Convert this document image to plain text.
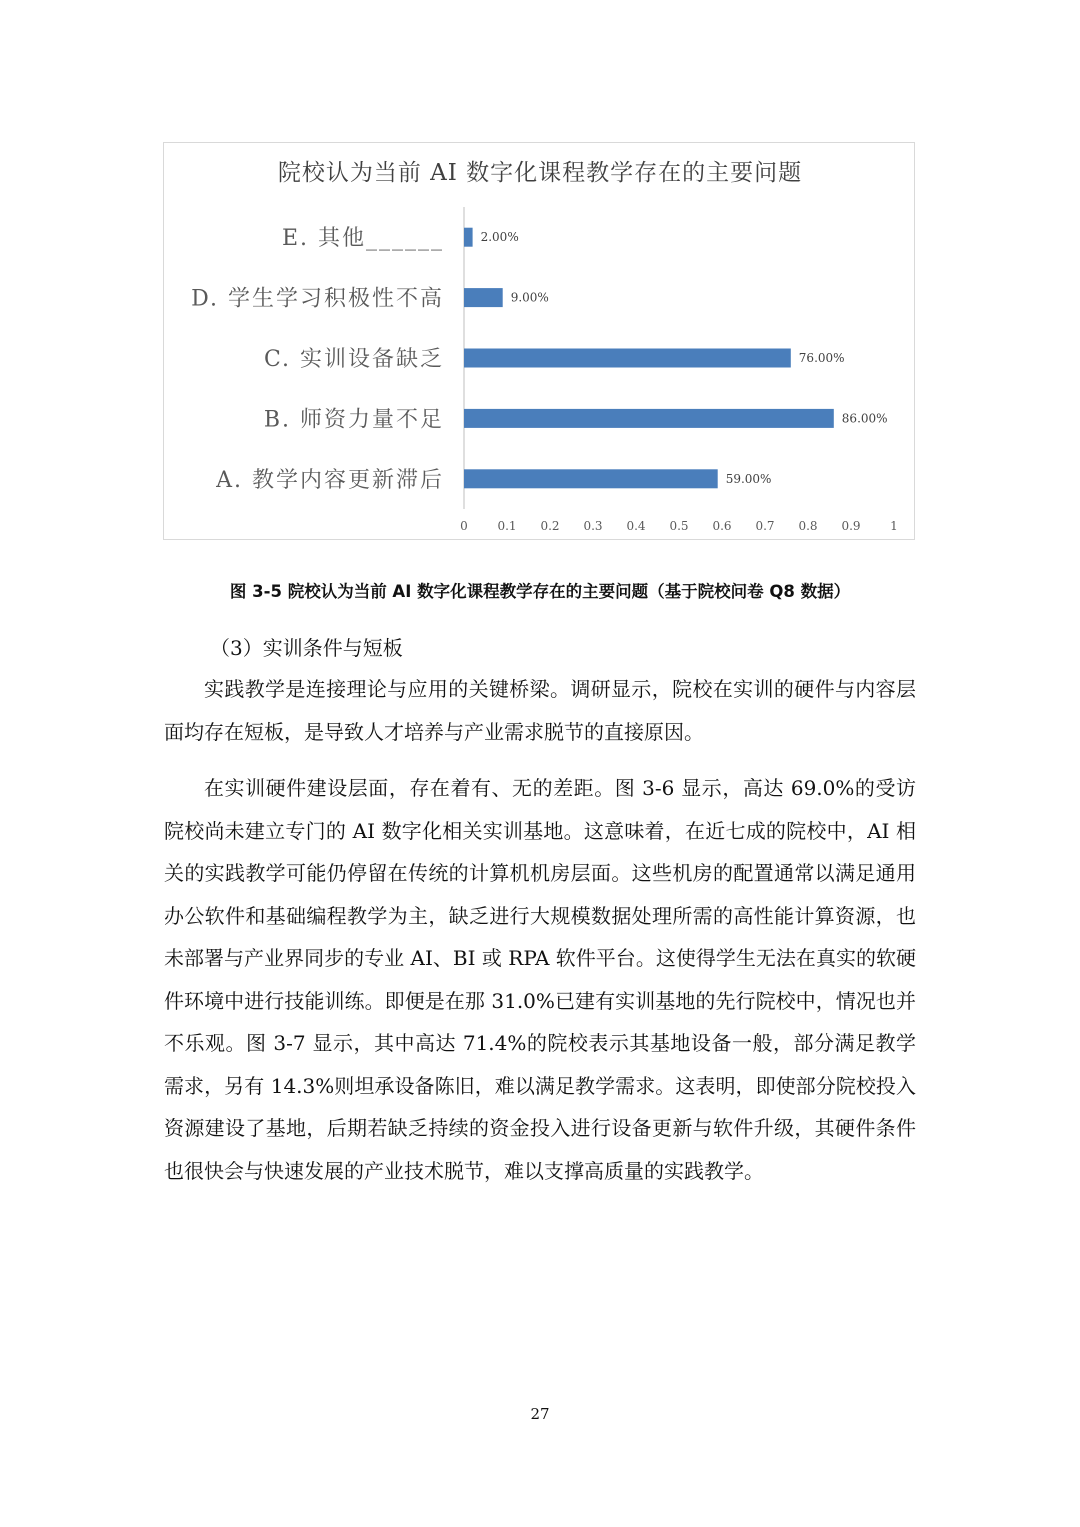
院校认为当前 AI 数字化课程教学存在的主要问题
E. 其他______	2.00%
D. 学生学习积极性不高	9.00%
C. 实训设备缺乏	76.00%
B. 师资力量不足	86.00%
A. 教学内容更新滞后	59.00%
0 0.1 0.2 0.3 0.4 0.5 0.6 0.7 0.8 0.9 1
图 3-5 院校认为当前 AI 数字化课程教学存在的主要问题（基于院校问卷 Q8 数据）
（3）实训条件与短板

实践教学是连接理论与应用的关键桥梁。调研显示，院校在实训的硬件与内容层面均存在短板，是导致人才培养与产业需求脱节的直接原因。

在实训硬件建设层面，存在着有、无的差距。图 3-6 显示，高达 69.0%的受访院校尚未建立专门的 AI 数字化相关实训基地。这意味着，在近七成的院校中，AI 相关的实践教学可能仍停留在传统的计算机机房层面。这些机房的配置通常以满足通用办公软件和基础编程教学为主，缺乏进行大规模数据处理所需的高性能计算资源，也未部署与产业界同步的专业 AI、BI 或 RPA 软件平台。这使得学生无法在真实的软硬件环境中进行技能训练。即便是在那 31.0%已建有实训基地的先行院校中，情况也并不乐观。图 3-7 显示，其中高达 71.4%的院校表示其基地设备一般，部分满足教学需求，另有 14.3%则坦承设备陈旧，难以满足教学需求。这表明，即使部分院校投入资源建设了基地，后期若缺乏持续的资金投入进行设备更新与软件升级，其硬件条件也很快会与快速发展的产业技术脱节，难以支撑高质量的实践教学。

27
